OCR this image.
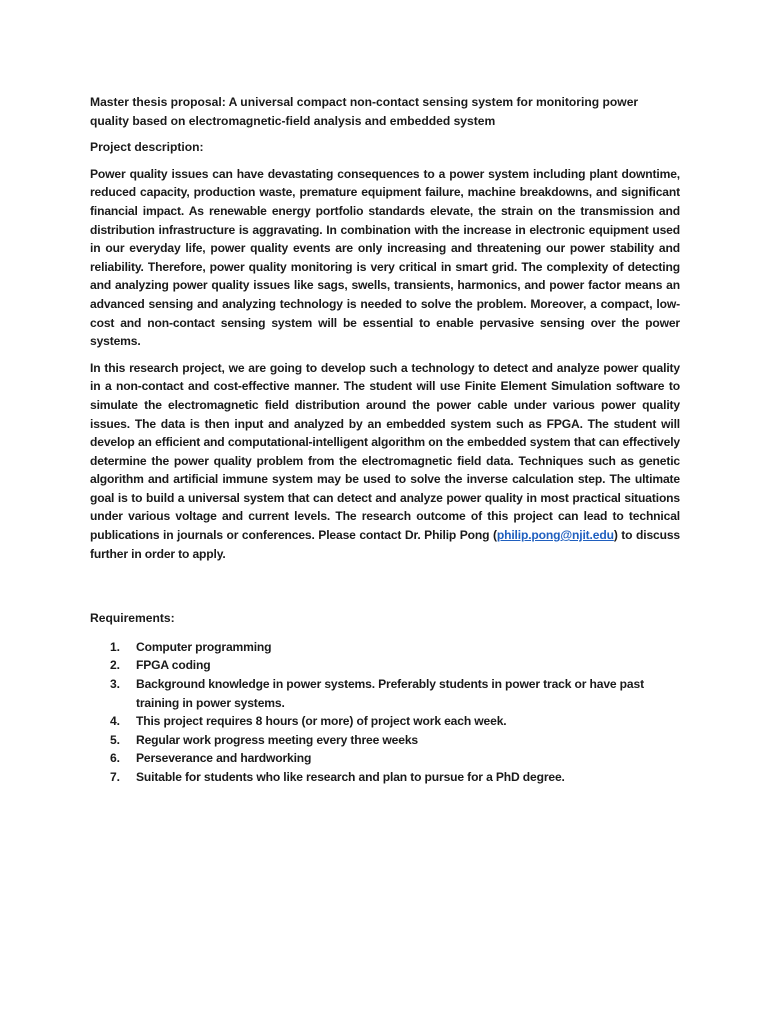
Master thesis proposal: A universal compact non-contact sensing system for monitoring power quality based on electromagnetic-field analysis and embedded system
Project description:

Power quality issues can have devastating consequences to a power system including plant downtime, reduced capacity, production waste, premature equipment failure, machine breakdowns, and significant financial impact. As renewable energy portfolio standards elevate, the strain on the transmission and distribution infrastructure is aggravating. In combination with the increase in electronic equipment used in our everyday life, power quality events are only increasing and threatening our power stability and reliability. Therefore, power quality monitoring is very critical in smart grid. The complexity of detecting and analyzing power quality issues like sags, swells, transients, harmonics, and power factor means an advanced sensing and analyzing technology is needed to solve the problem. Moreover, a compact, low-cost and non-contact sensing system will be essential to enable pervasive sensing over the power systems.

In this research project, we are going to develop such a technology to detect and analyze power quality in a non-contact and cost-effective manner. The student will use Finite Element Simulation software to simulate the electromagnetic field distribution around the power cable under various power quality issues. The data is then input and analyzed by an embedded system such as FPGA. The student will develop an efficient and computational-intelligent algorithm on the embedded system that can effectively determine the power quality problem from the electromagnetic field data. Techniques such as genetic algorithm and artificial immune system may be used to solve the inverse calculation step. The ultimate goal is to build a universal system that can detect and analyze power quality in most practical situations under various voltage and current levels. The research outcome of this project can lead to technical publications in journals or conferences. Please contact Dr. Philip Pong (philip.pong@njit.edu) to discuss further in order to apply.

Requirements:
1. Computer programming
2. FPGA coding
3. Background knowledge in power systems. Preferably students in power track or have past training in power systems.
4. This project requires 8 hours (or more) of project work each week.
5. Regular work progress meeting every three weeks
6. Perseverance and hardworking
7. Suitable for students who like research and plan to pursue for a PhD degree.
